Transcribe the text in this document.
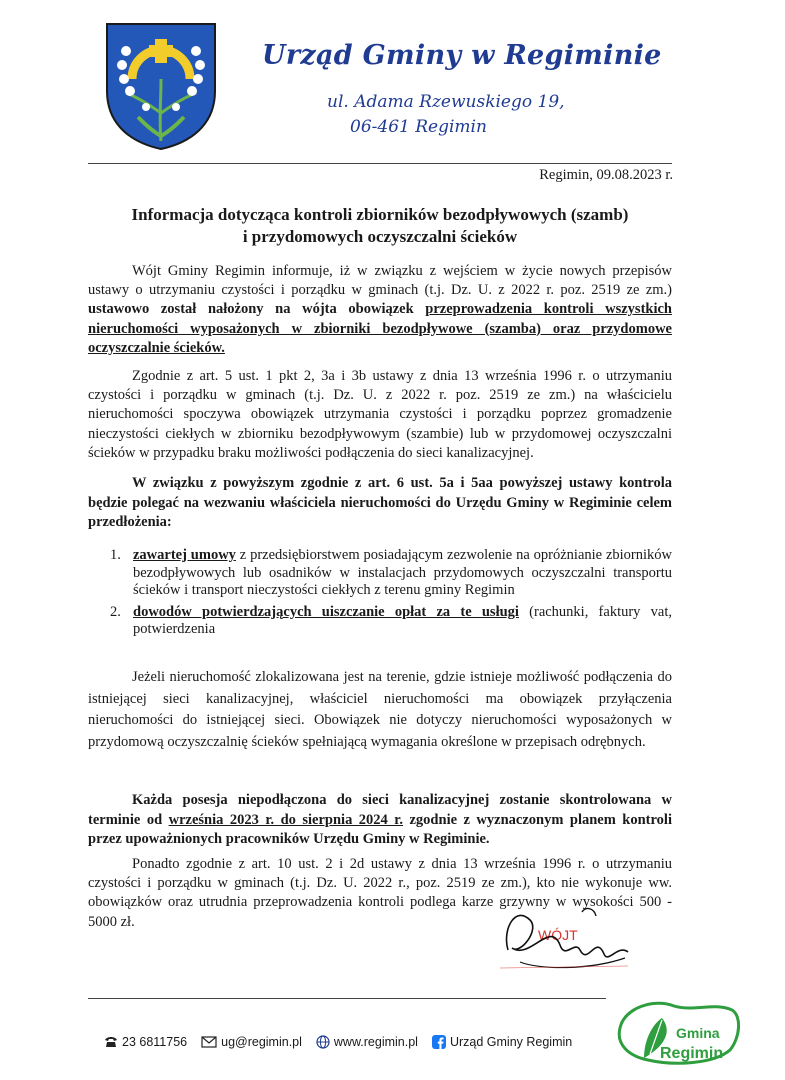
Urząd Gminy w Regiminie
ul. Adama Rzewuskiego 19,
06-461 Regimin
Regimin, 09.08.2023 r.
Informacja dotycząca kontroli zbiorników bezodpływowych (szamb)
i przydomowych oczyszczalni ścieków
Wójt Gminy Regimin informuje, iż w związku z wejściem w życie nowych przepisów ustawy o utrzymaniu czystości i porządku w gminach (t.j. Dz. U. z 2022 r. poz. 2519 ze zm.) ustawowo został nałożony na wójta obowiązek przeprowadzenia kontroli wszystkich nieruchomości wyposażonych w zbiorniki bezodpływowe (szamba) oraz przydomowe oczyszczalnie ścieków.
Zgodnie z art. 5 ust. 1 pkt 2, 3a i 3b ustawy z dnia 13 września 1996 r. o utrzymaniu czystości i porządku w gminach (t.j. Dz. U. z 2022 r. poz. 2519 ze zm.) na właścicielu nieruchomości spoczywa obowiązek utrzymania czystości i porządku poprzez gromadzenie nieczystości ciekłych w zbiorniku bezodpływowym (szambie) lub w przydomowej oczyszczalni ścieków w przypadku braku możliwości podłączenia do sieci kanalizacyjnej.
W związku z powyższym zgodnie z art. 6 ust. 5a i 5aa powyższej ustawy kontrola będzie polegać na wezwaniu właściciela nieruchomości do Urzędu Gminy w Regiminie celem przedłożenia:
1. zawartej umowy z przedsiębiorstwem posiadającym zezwolenie na opróżnianie zbiorników bezodpływowych lub osadników w instalacjach przydomowych oczyszczalni transportu ścieków i transport nieczystości ciekłych z terenu gminy Regimin
2. dowodów potwierdzających uiszczanie opłat za te usługi (rachunki, faktury vat, potwierdzenia
Jeżeli nieruchomość zlokalizowana jest na terenie, gdzie istnieje możliwość podłączenia do istniejącej sieci kanalizacyjnej, właściciel nieruchomości ma obowiązek przyłączenia nieruchomości do istniejącej sieci. Obowiązek nie dotyczy nieruchomości wyposażonych w przydomową oczyszczalnię ścieków spełniającą wymagania określone w przepisach odrębnych.
Każda posesja niepodłączona do sieci kanalizacyjnej zostanie skontrolowana w terminie od września 2023 r. do sierpnia 2024 r. zgodnie z wyznaczonym planem kontroli przez upoważnionych pracowników Urzędu Gminy w Regiminie.
Ponadto zgodnie z art. 10 ust. 2 i 2d ustawy z dnia 13 września 1996 r. o utrzymaniu czystości i porządku w gminach (t.j. Dz. U. 2022 r., poz. 2519 ze zm.), kto nie wykonuje ww. obowiązków oraz utrudnia przeprowadzenia kontroli podlega karze grzywny w wysokości 500 - 5000 zł.
WÓJT
23 6811756	ug@regimin.pl	www.regimin.pl	Urząd Gminy Regimin
Gmina
Regimin
